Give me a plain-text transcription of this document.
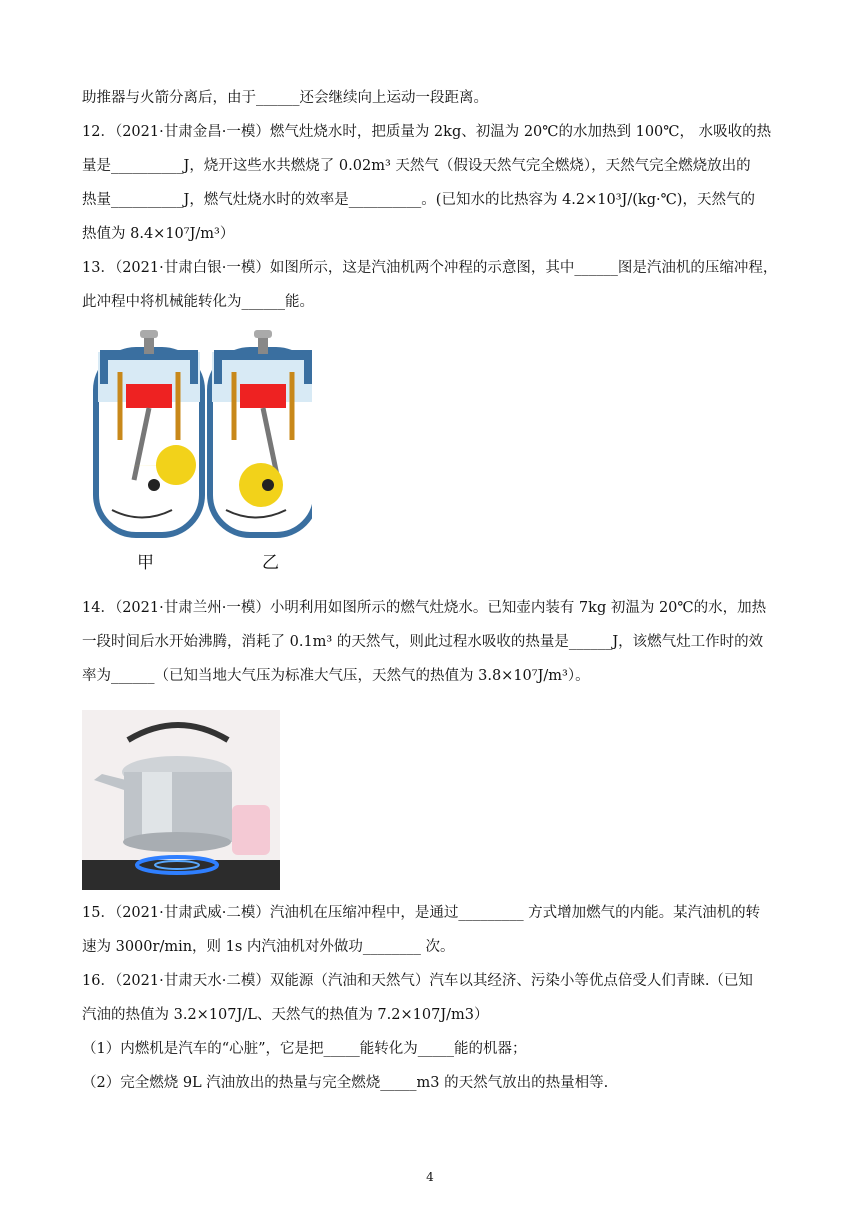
助推器与火箭分离后，由于______还会继续向上运动一段距离。
12．（2021·甘肃金昌·一模）燃气灶烧水时，把质量为 2kg、初温为 20℃的水加热到 100℃， 水吸收的热
量是__________J，烧开这些水共燃烧了 0.02m³ 天然气（假设天然气完全燃烧），天然气完全燃烧放出的
热量__________J，燃气灶烧水时的效率是__________。(已知水的比热容为 4.2×10³J/(kg·℃)，天然气的
热值为 8.4×10⁷J/m³）
13．（2021·甘肃白银·一模）如图所示，这是汽油机两个冲程的示意图，其中______图是汽油机的压缩冲程，
此冲程中将机械能转化为______能。
甲	乙
14．（2021·甘肃兰州·一模）小明利用如图所示的燃气灶烧水。已知壶内装有 7kg 初温为 20℃的水，加热
一段时间后水开始沸腾，消耗了 0.1m³ 的天然气，则此过程水吸收的热量是______J，该燃气灶工作时的效
率为______（已知当地大气压为标准大气压，天然气的热值为 3.8×10⁷J/m³）。
15．（2021·甘肃武威·二模）汽油机在压缩冲程中，是通过_________ 方式增加燃气的内能。某汽油机的转
速为 3000r/min，则 1s 内汽油机对外做功________ 次。
16．（2021·甘肃天水·二模）双能源（汽油和天然气）汽车以其经济、污染小等优点倍受人们青睐.（已知
汽油的热值为 3.2×107J/L、天然气的热值为 7.2×107J/m3）
（1）内燃机是汽车的“心脏”，它是把_____能转化为_____能的机器；
（2）完全燃烧 9L 汽油放出的热量与完全燃烧_____m3 的天然气放出的热量相等.
4
